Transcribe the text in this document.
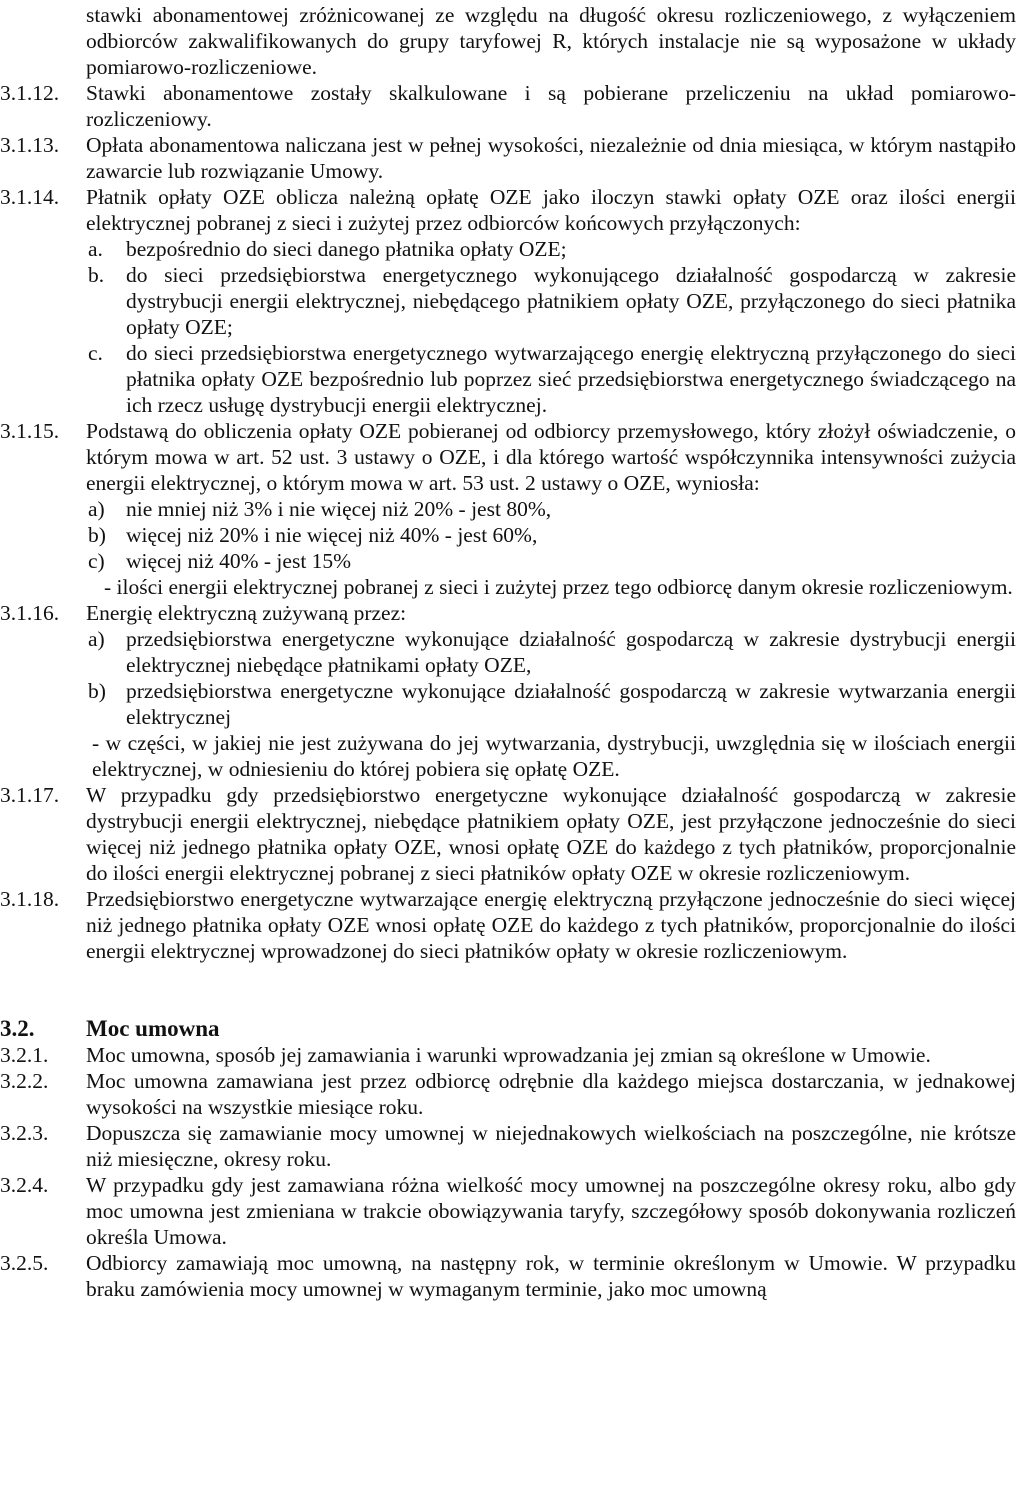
stawki abonamentowej zróżnicowanej ze względu na długość okresu rozliczeniowego, z wyłączeniem odbiorców zakwalifikowanych do grupy taryfowej R, których instalacje nie są wyposażone w układy pomiarowo-rozliczeniowe.
3.1.12. Stawki abonamentowe zostały skalkulowane i są pobierane przeliczeniu na układ pomiarowo-rozliczeniowy.
3.1.13. Opłata abonamentowa naliczana jest w pełnej wysokości, niezależnie od dnia miesiąca, w którym nastąpiło zawarcie lub rozwiązanie Umowy.
3.1.14. Płatnik opłaty OZE oblicza należną opłatę OZE jako iloczyn stawki opłaty OZE oraz ilości energii elektrycznej pobranej z sieci i zużytej przez odbiorców końcowych przyłączonych:
a. bezpośrednio do sieci danego płatnika opłaty OZE;
b. do sieci przedsiębiorstwa energetycznego wykonującego działalność gospodarczą w zakresie dystrybucji energii elektrycznej, niebędącego płatnikiem opłaty OZE, przyłączonego do sieci płatnika opłaty OZE;
c. do sieci przedsiębiorstwa energetycznego wytwarzającego energię elektryczną przyłączonego do sieci płatnika opłaty OZE bezpośrednio lub poprzez sieć przedsiębiorstwa energetycznego świadczącego na ich rzecz usługę dystrybucji energii elektrycznej.
3.1.15. Podstawą do obliczenia opłaty OZE pobieranej od odbiorcy przemysłowego, który złożył oświadczenie, o którym mowa w art. 52 ust. 3 ustawy o OZE, i dla którego wartość współczynnika intensywności zużycia energii elektrycznej, o którym mowa w art. 53 ust. 2 ustawy o OZE, wyniosła:
a) nie mniej niż 3% i nie więcej niż 20% - jest 80%,
b) więcej niż 20% i nie więcej niż 40% - jest 60%,
c) więcej niż 40% - jest 15%
- ilości energii elektrycznej pobranej z sieci i zużytej przez tego odbiorcę danym okresie rozliczeniowym.
3.1.16. Energię elektryczną zużywaną przez:
a) przedsiębiorstwa energetyczne wykonujące działalność gospodarczą w zakresie dystrybucji energii elektrycznej niebędące płatnikami opłaty OZE,
b) przedsiębiorstwa energetyczne wykonujące działalność gospodarczą w zakresie wytwarzania energii elektrycznej
- w części, w jakiej nie jest zużywana do jej wytwarzania, dystrybucji, uwzględnia się w ilościach energii elektrycznej, w odniesieniu do której pobiera się opłatę OZE.
3.1.17. W przypadku gdy przedsiębiorstwo energetyczne wykonujące działalność gospodarczą w zakresie dystrybucji energii elektrycznej, niebędące płatnikiem opłaty OZE, jest przyłączone jednocześnie do sieci więcej niż jednego płatnika opłaty OZE, wnosi opłatę OZE do każdego z tych płatników, proporcjonalnie do ilości energii elektrycznej pobranej z sieci płatników opłaty OZE w okresie rozliczeniowym.
3.1.18. Przedsiębiorstwo energetyczne wytwarzające energię elektryczną przyłączone jednocześnie do sieci więcej niż jednego płatnika opłaty OZE wnosi opłatę OZE do każdego z tych płatników, proporcjonalnie do ilości energii elektrycznej wprowadzonej do sieci płatników opłaty w okresie rozliczeniowym.
3.2. Moc umowna
3.2.1. Moc umowna, sposób jej zamawiania i warunki wprowadzania jej zmian są określone w Umowie.
3.2.2. Moc umowna zamawiana jest przez odbiorcę odrębnie dla każdego miejsca dostarczania, w jednakowej wysokości na wszystkie miesiące roku.
3.2.3. Dopuszcza się zamawianie mocy umownej w niejednakowych wielkościach na poszczególne, nie krótsze niż miesięczne, okresy roku.
3.2.4. W przypadku gdy jest zamawiana różna wielkość mocy umownej na poszczególne okresy roku, albo gdy moc umowna jest zmieniana w trakcie obowiązywania taryfy, szczegółowy sposób dokonywania rozliczeń określa Umowa.
3.2.5. Odbiorcy zamawiają moc umowną, na następny rok, w terminie określonym w Umowie. W przypadku braku zamówienia mocy umownej w wymaganym terminie, jako moc umowną
